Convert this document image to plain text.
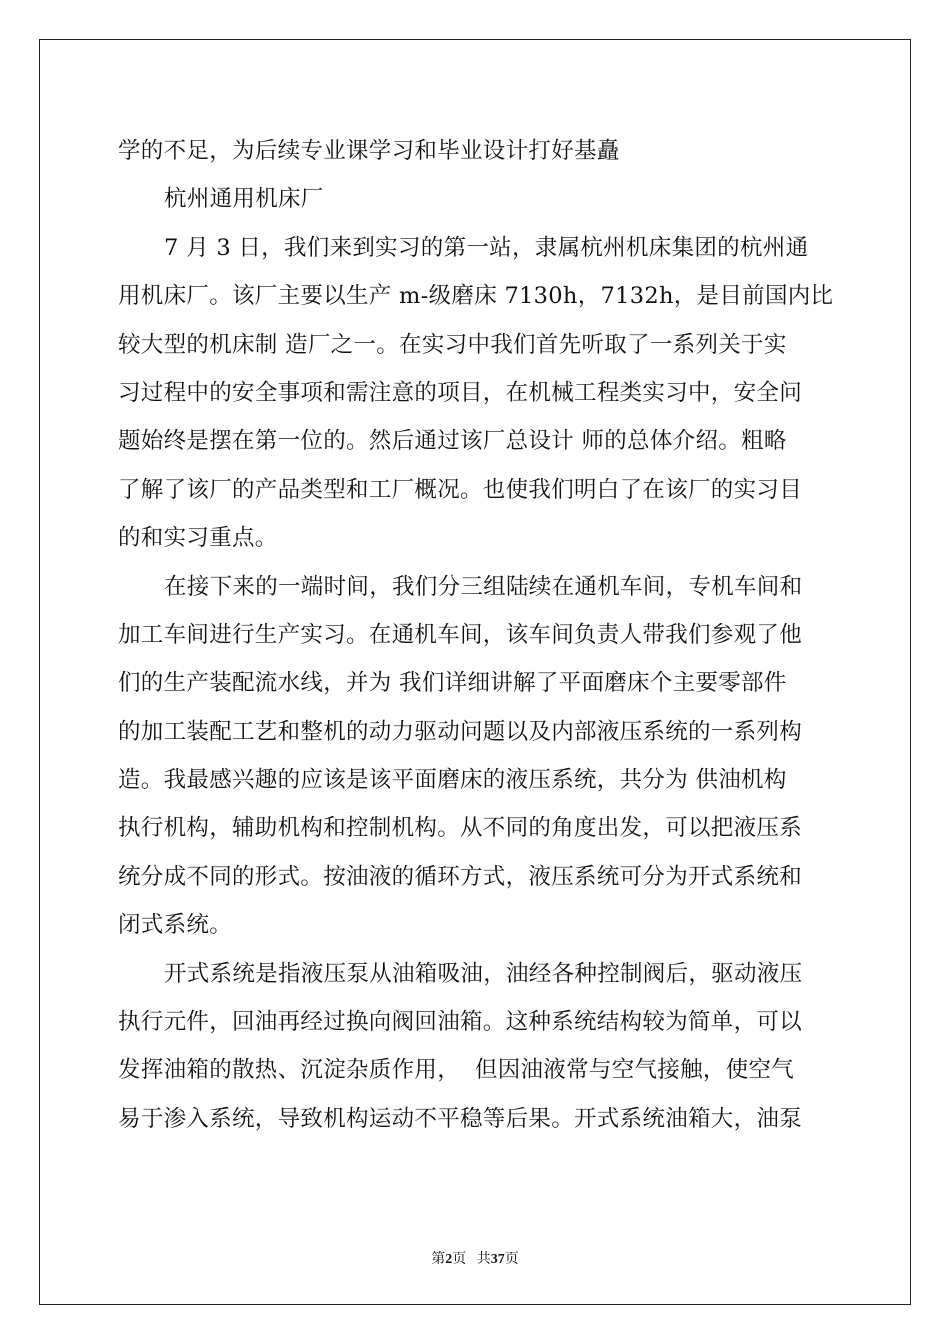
学的不足，为后续专业课学习和毕业设计打好基矗
杭州通用机床厂
7 月 3 日，我们来到实习的第一站，隶属杭州机床集团的杭州通
用机床厂。该厂主要以生产 m-级磨床 7130h，7132h，是目前国内比
较大型的机床制 造厂之一。在实习中我们首先听取了一系列关于实
习过程中的安全事项和需注意的项目，在机械工程类实习中，安全问
题始终是摆在第一位的。然后通过该厂总设计 师的总体介绍。粗略
了解了该厂的产品类型和工厂概况。也使我们明白了在该厂的实习目
的和实习重点。
在接下来的一端时间，我们分三组陆续在通机车间，专机车间和
加工车间进行生产实习。在通机车间，该车间负责人带我们参观了他
们的生产装配流水线，并为 我们详细讲解了平面磨床个主要零部件
的加工装配工艺和整机的动力驱动问题以及内部液压系统的一系列构
造。我最感兴趣的应该是该平面磨床的液压系统，共分为 供油机构
执行机构，辅助机构和控制机构。从不同的角度出发，可以把液压系
统分成不同的形式。按油液的循环方式，液压系统可分为开式系统和
闭式系统。
开式系统是指液压泵从油箱吸油，油经各种控制阀后，驱动液压
执行元件，回油再经过换向阀回油箱。这种系统结构较为简单，可以
发挥油箱的散热、沉淀杂质作用，  但因油液常与空气接触，使空气
易于渗入系统，导致机构运动不平稳等后果。开式系统油箱大，油泵
第2页 共37页
